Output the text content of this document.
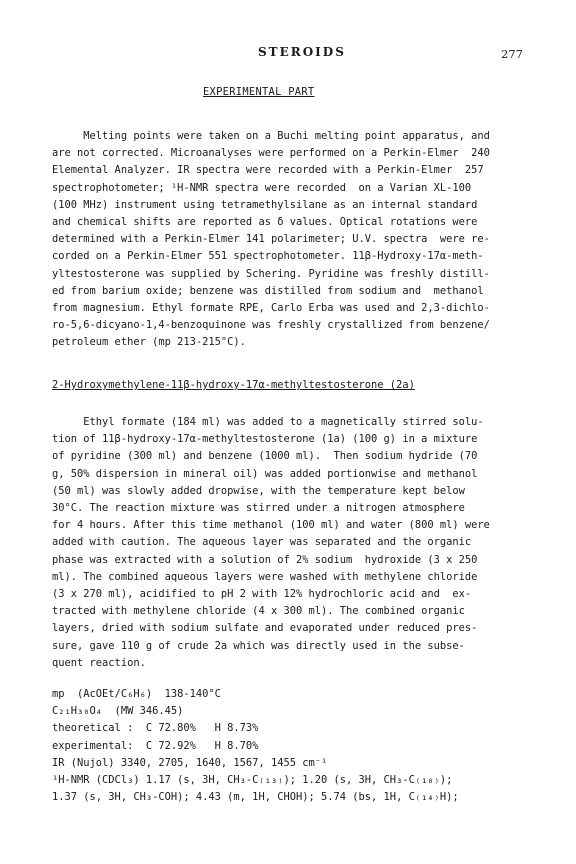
STEROIDS	277
EXPERIMENTAL PART

Melting points were taken on a Buchi melting point apparatus, and

are not corrected. Microanalyses were performed on a Perkin-Elmer  240

Elemental Analyzer. IR spectra were recorded with a Perkin-Elmer  257

spectrophotometer; ¹H-NMR spectra were recorded  on a Varian XL-100

(100 MHz) instrument using tetramethylsilane as an internal standard

and chemical shifts are reported as δ values. Optical rotations were

determined with a Perkin-Elmer 141 polarimeter; U.V. spectra  were re-

corded on a Perkin-Elmer 551 spectrophotometer. 11β-Hydroxy-17α-meth-

yltestosterone was supplied by Schering. Pyridine was freshly distill-

ed from barium oxide; benzene was distilled from sodium and  methanol

from magnesium. Ethyl formate RPE, Carlo Erba was used and 2,3-dichlo-

ro-5,6-dicyano-1,4-benzoquinone was freshly crystallized from benzene/

petroleum ether (mp 213-215°C).

2-Hydroxymethylene-11β-hydroxy-17α-methyltestosterone (2a)

Ethyl formate (184 ml) was added to a magnetically stirred solu-

tion of 11β-hydroxy-17α-methyltestosterone (1a) (100 g) in a mixture

of pyridine (300 ml) and benzene (1000 ml).  Then sodium hydride (70

g, 50% dispersion in mineral oil) was added portionwise and methanol

(50 ml) was slowly added dropwise, with the temperature kept below

30°C. The reaction mixture was stirred under a nitrogen atmosphere

for 4 hours. After this time methanol (100 ml) and water (800 ml) were

added with caution. The aqueous layer was separated and the organic

phase was extracted with a solution of 2% sodium  hydroxide (3 x 250

ml). The combined aqueous layers were washed with methylene chloride

(3 x 270 ml), acidified to pH 2 with 12% hydrochloric acid and  ex-

tracted with methylene chloride (4 x 300 ml). The combined organic

layers, dried with sodium sulfate and evaporated under reduced pres-

sure, gave 110 g of crude 2a which was directly used in the subse-

quent reaction.

mp  (AcOEt/C₆H₆)  138-140°C

C₂₁H₃₀O₄  (MW 346.45)

theoretical :  C 72.80%   H 8.73%

experimental:  C 72.92%   H 8.70%

IR (Nujol) 3340, 2705, 1640, 1567, 1455 cm⁻¹

¹H-NMR (CDCl₃) 1.17 (s, 3H, CH₃-C₍₁₃₎); 1.20 (s, 3H, CH₃-C₍₁₀₎);

1.37 (s, 3H, CH₃-COH); 4.43 (m, 1H, CHOH); 5.74 (bs, 1H, C₍₁₄₎H);
